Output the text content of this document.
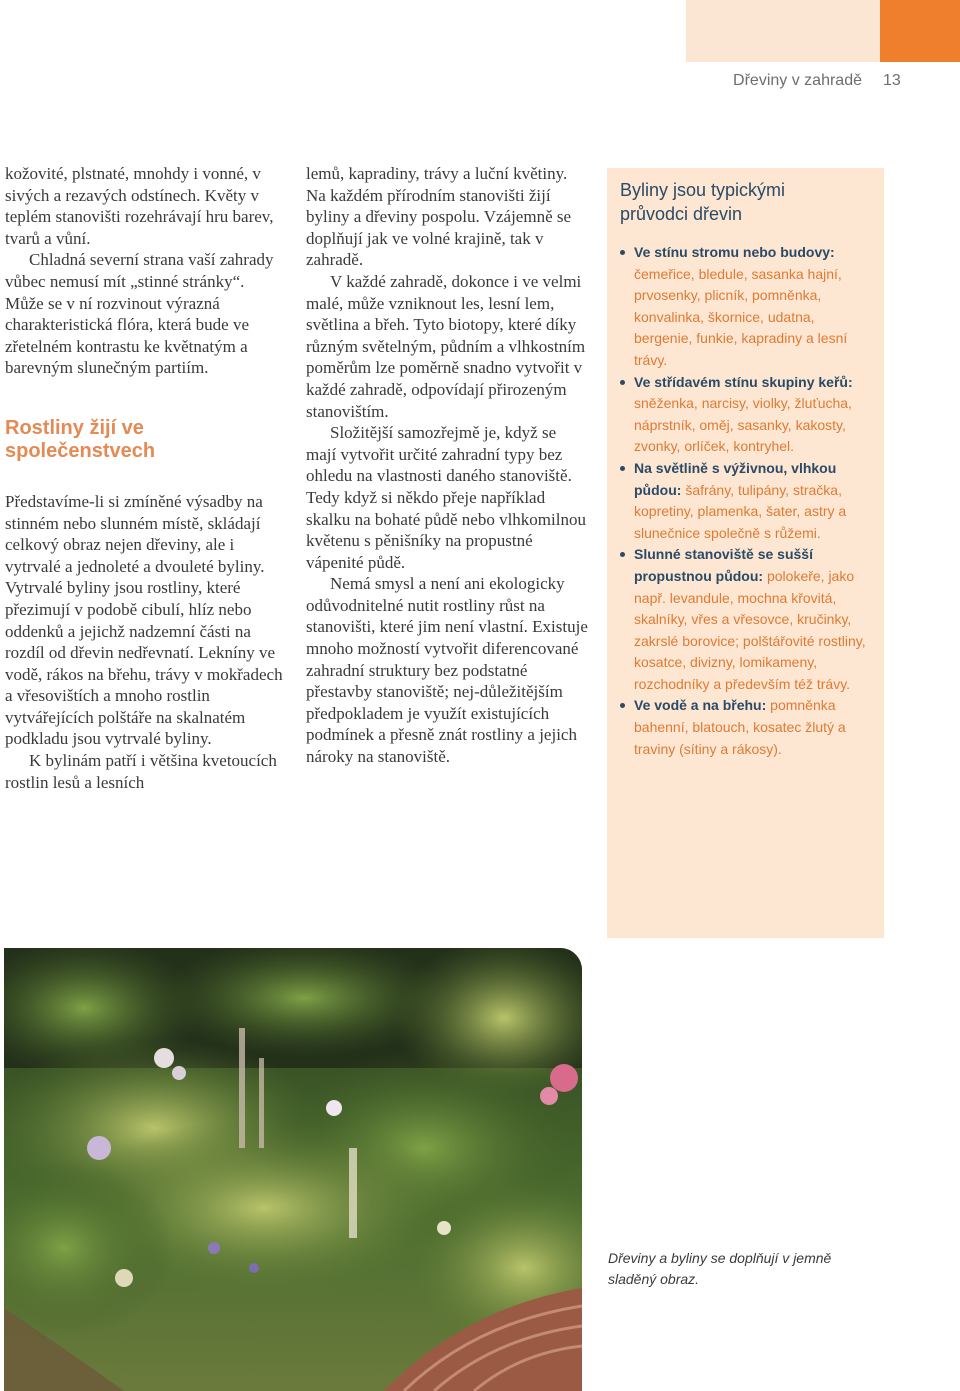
Dřeviny v zahradě 13

kožovité, plstnaté, mnohdy i vonné, v sivých a rezavých odstínech. Květy v teplém stanovišti rozehrávají hru barev, tvarů a vůní.

Chladná severní strana vaší zahrady vůbec nemusí mít „stinné stránky“. Může se v ní rozvinout výrazná charakteristická flóra, která bude ve zřetelném kontrastu ke květnatým a barevným slunečným partiím.

Rostliny žijí ve společenstvech

Představíme-li si zmíněné výsadby na stinném nebo slunném místě, skládají celkový obraz nejen dřeviny, ale i vytrvalé a jednoleté a dvouleté byliny. Vytrvalé byliny jsou rostliny, které přezimují v podobě cibulí, hlíz nebo oddenků a jejichž nadzemní části na rozdíl od dřevin nedřevnatí. Lekníny ve vodě, rákos na břehu, trávy v mokřadech a vřesovištích a mnoho rostlin vytvářejících polštáře na skalnatém podkladu jsou vytrvalé byliny.

K bylinám patří i většina kvetoucích rostlin lesů a lesních

lemů, kapradiny, trávy a luční květiny. Na každém přírodním stanovišti žijí byliny a dřeviny pospolu. Vzájemně se doplňují jak ve volné krajině, tak v zahradě.

V každé zahradě, dokonce i ve velmi malé, může vzniknout les, lesní lem, světlina a břeh. Tyto biotopy, které díky různým světelným, půdním a vlhkostním poměrům lze poměrně snadno vytvořit v každé zahradě, odpovídají přirozeným stanovištím.

Složitější samozřejmě je, když se mají vytvořit určité zahradní typy bez ohledu na vlastnosti daného stanoviště. Tedy když si někdo přeje například skalku na bohaté půdě nebo vlhkomilnou květenu s pěnišníky na propustné vápenité půdě.

Nemá smysl a není ani ekologicky odůvodnitelné nutit rostliny růst na stanovišti, které jim není vlastní. Existuje mnoho možností vytvořit diferencované zahradní struktury bez podstatné přestavby stanoviště; nej-důležitějším předpokladem je využít existujících podmínek a přesně znát rostliny a jejich nároky na stanoviště.

Byliny jsou typickými průvodci dřevin
Ve stínu stromu nebo budovy: čemeřice, bledule, sasanka hajní, prvosenky, plicník, pomněnka, konvalinka, škornice, udatna, bergenie, funkie, kapradiny a lesní trávy.
Ve střídavém stínu skupiny keřů: sněženka, narcisy, violky, žluťucha, náprstník, oměj, sasanky, kakosty, zvonky, orlíček, kontryhel.
Na světlině s výživnou, vlhkou půdou: šafrány, tulipány, stračka, kopretiny, plamenka, šater, astry a slunečnice společně s růžemi.
Slunné stanoviště se sušší propustnou půdou: polokeře, jako např. levandule, mochna křovitá, skalníky, vřes a vřesovce, kručinky, zakrslé borovice; polštářovité rostliny, kosatce, divizny, lomikameny, rozchodníky a především též trávy.
Ve vodě a na břehu: pomněnka bahenní, blatouch, kosatec žlutý a traviny (sítiny a rákosy).
Dřeviny a byliny se doplňují v jemně sladěný obraz.
